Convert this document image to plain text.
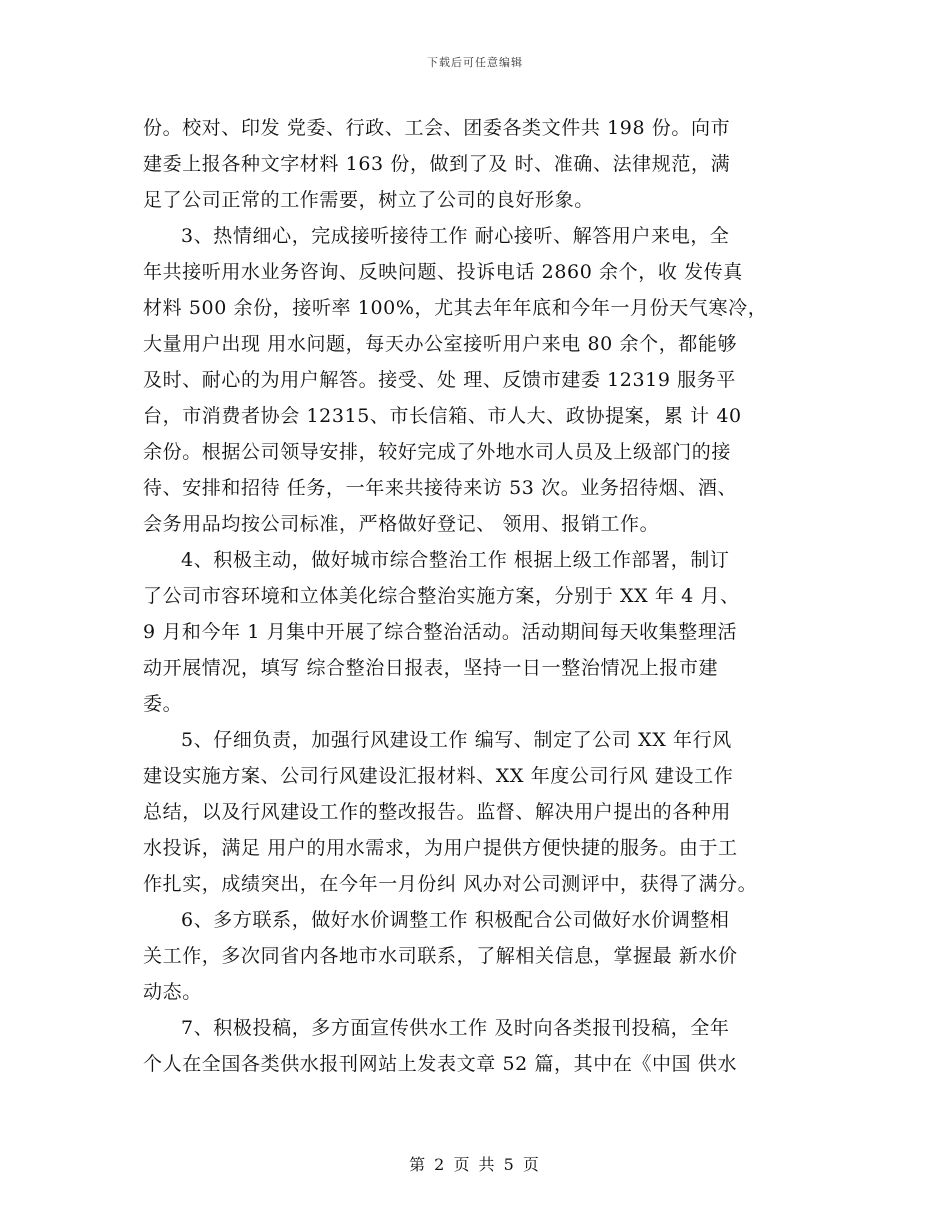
下载后可任意编辑
份。校对、印发 党委、行政、工会、团委各类文件共 198 份。向市
建委上报各种文字材料 163 份，做到了及 时、准确、法律规范，满
足了公司正常的工作需要，树立了公司的良好形象。
3、热情细心，完成接听接待工作 耐心接听、解答用户来电，全
年共接听用水业务咨询、反映问题、投诉电话 2860 余个，收 发传真
材料 500 余份，接听率 100%，尤其去年年底和今年一月份天气寒冷，
大量用户出现 用水问题，每天办公室接听用户来电 80 余个，都能够
及时、耐心的为用户解答。接受、处 理、反馈市建委 12319 服务平
台，市消费者协会 12315、市长信箱、市人大、政协提案，累 计 40
余份。根据公司领导安排，较好完成了外地水司人员及上级部门的接
待、安排和招待 任务，一年来共接待来访 53 次。业务招待烟、酒、
会务用品均按公司标准，严格做好登记、 领用、报销工作。
4、积极主动，做好城市综合整治工作 根据上级工作部署，制订
了公司市容环境和立体美化综合整治实施方案，分别于 XX 年 4 月、
9 月和今年 1 月集中开展了综合整治活动。活动期间每天收集整理活
动开展情况，填写 综合整治日报表，坚持一日一整治情况上报市建
委。
5、仔细负责，加强行风建设工作 编写、制定了公司 XX 年行风
建设实施方案、公司行风建设汇报材料、XX 年度公司行风 建设工作
总结，以及行风建设工作的整改报告。监督、解决用户提出的各种用
水投诉，满足 用户的用水需求，为用户提供方便快捷的服务。由于工
作扎实，成绩突出，在今年一月份纠 风办对公司测评中，获得了满分。
6、多方联系，做好水价调整工作 积极配合公司做好水价调整相
关工作，多次同省内各地市水司联系，了解相关信息，掌握最 新水价
动态。
7、积极投稿，多方面宣传供水工作 及时向各类报刊投稿，全年
个人在全国各类供水报刊网站上发表文章 52 篇，其中在《中国 供水
第 2 页 共 5 页
